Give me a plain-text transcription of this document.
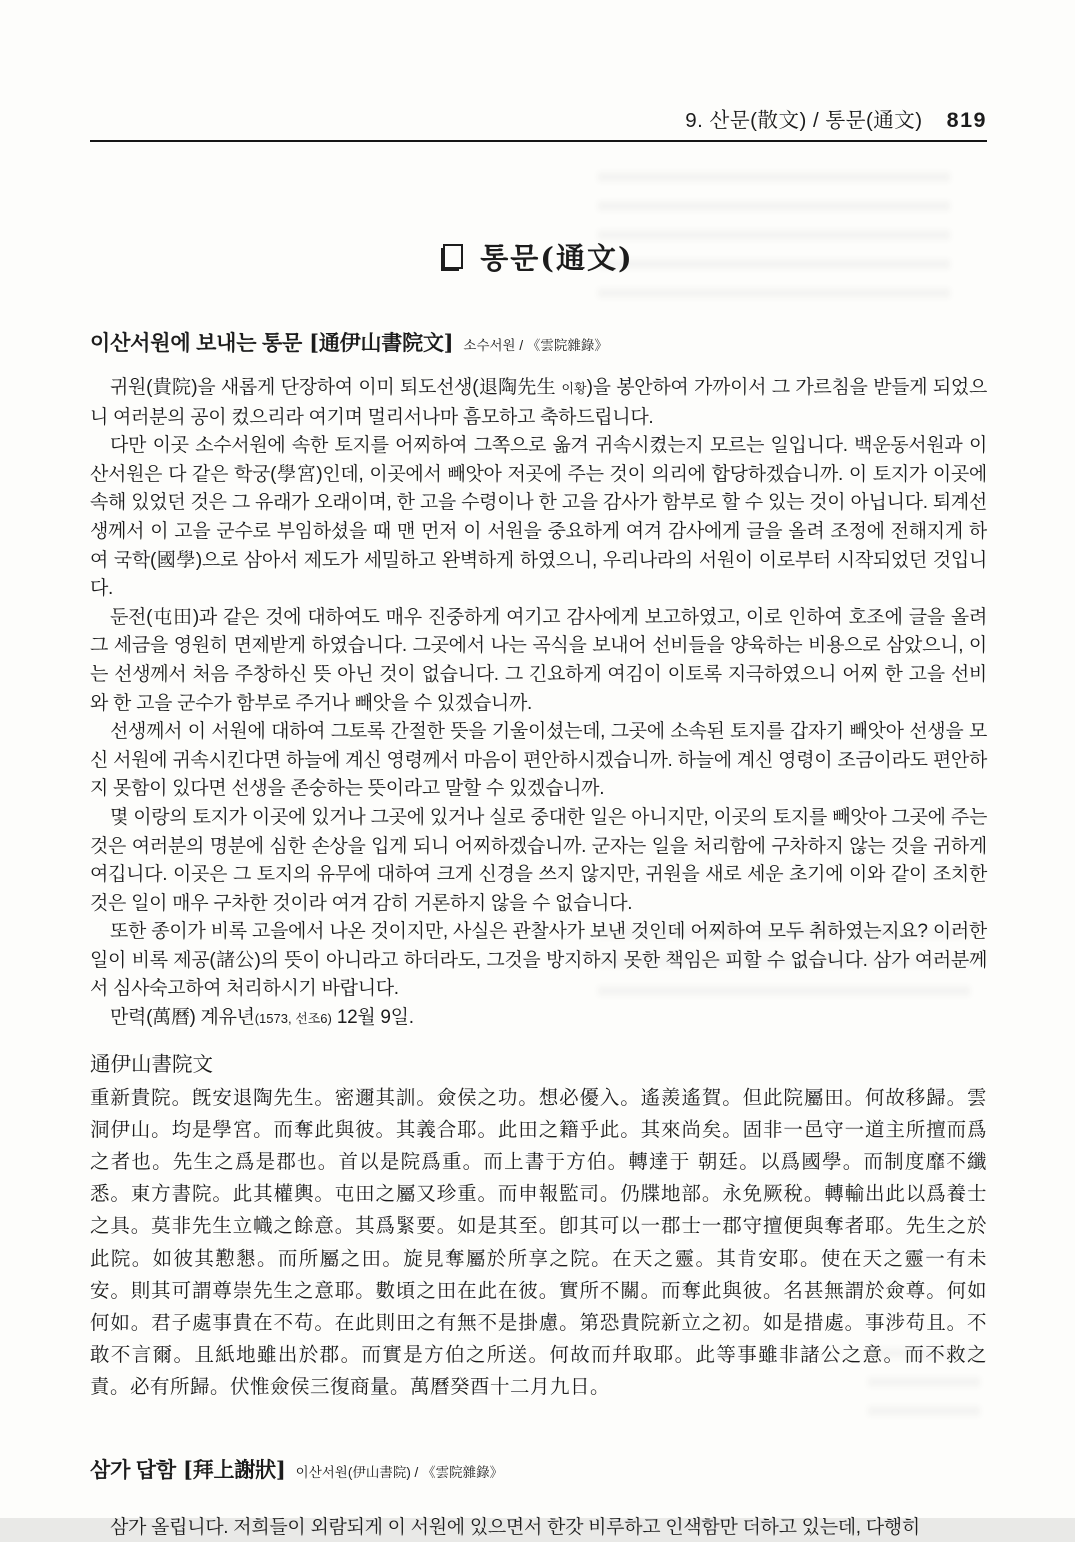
9. 산문(散文) / 통문(通文) 819
통문(通文)
이산서원에 보내는 통문 [通伊山書院文] 소수서원 / 《雲院雜錄》

귀원(貴院)을 새롭게 단장하여 이미 퇴도선생(退陶先生 이황)을 봉안하여 가까이서 그 가르침을 받들게 되었으니 여러분의 공이 컸으리라 여기며 멀리서나마 흠모하고 축하드립니다.

다만 이곳 소수서원에 속한 토지를 어찌하여 그쪽으로 옮겨 귀속시켰는지 모르는 일입니다. 백운동서원과 이산서원은 다 같은 학궁(學宮)인데, 이곳에서 빼앗아 저곳에 주는 것이 의리에 합당하겠습니까. 이 토지가 이곳에 속해 있었던 것은 그 유래가 오래이며, 한 고을 수령이나 한 고을 감사가 함부로 할 수 있는 것이 아닙니다. 퇴계선생께서 이 고을 군수로 부임하셨을 때 맨 먼저 이 서원을 중요하게 여겨 감사에게 글을 올려 조정에 전해지게 하여 국학(國學)으로 삼아서 제도가 세밀하고 완벽하게 하였으니, 우리나라의 서원이 이로부터 시작되었던 것입니다.

둔전(屯田)과 같은 것에 대하여도 매우 진중하게 여기고 감사에게 보고하였고, 이로 인하여 호조에 글을 올려 그 세금을 영원히 면제받게 하였습니다. 그곳에서 나는 곡식을 보내어 선비들을 양육하는 비용으로 삼았으니, 이는 선생께서 처음 주창하신 뜻 아닌 것이 없습니다. 그 긴요하게 여김이 이토록 지극하였으니 어찌 한 고을 선비와 한 고을 군수가 함부로 주거나 빼앗을 수 있겠습니까.

선생께서 이 서원에 대하여 그토록 간절한 뜻을 기울이셨는데, 그곳에 소속된 토지를 갑자기 빼앗아 선생을 모신 서원에 귀속시킨다면 하늘에 계신 영령께서 마음이 편안하시겠습니까. 하늘에 계신 영령이 조금이라도 편안하지 못함이 있다면 선생을 존숭하는 뜻이라고 말할 수 있겠습니까.

몇 이랑의 토지가 이곳에 있거나 그곳에 있거나 실로 중대한 일은 아니지만, 이곳의 토지를 빼앗아 그곳에 주는 것은 여러분의 명분에 심한 손상을 입게 되니 어찌하겠습니까. 군자는 일을 처리함에 구차하지 않는 것을 귀하게 여깁니다. 이곳은 그 토지의 유무에 대하여 크게 신경을 쓰지 않지만, 귀원을 새로 세운 초기에 이와 같이 조치한 것은 일이 매우 구차한 것이라 여겨 감히 거론하지 않을 수 없습니다.

또한 종이가 비록 고을에서 나온 것이지만, 사실은 관찰사가 보낸 것인데 어찌하여 모두 취하였는지요? 이러한 일이 비록 제공(諸公)의 뜻이 아니라고 하더라도, 그것을 방지하지 못한 책임은 피할 수 없습니다. 삼가 여러분께서 심사숙고하여 처리하시기 바랍니다.

만력(萬曆) 계유년(1573, 선조6) 12월 9일.

通伊山書院文
重新貴院。旣安退陶先生。密邇其訓。僉侯之功。想必優入。遙羨遙賀。但此院屬田。何故移歸。雲洞伊山。均是學宮。而奪此與彼。其義合耶。此田之籍乎此。其來尚矣。固非一邑守一道主所擅而爲之者也。先生之爲是郡也。首以是院爲重。而上書于方伯。轉達于 朝廷。以爲國學。而制度靡不纖悉。東方書院。此其權輿。屯田之屬又珍重。而申報監司。仍牒地部。永免厥稅。轉輸出此以爲養士之具。莫非先生立幟之餘意。其爲緊要。如是其至。卽其可以一郡士一郡守擅便與奪者耶。先生之於此院。如彼其懃懇。而所屬之田。旋見奪屬於所享之院。在天之靈。其肯安耶。使在天之靈一有未安。則其可謂尊崇先生之意耶。數頃之田在此在彼。實所不關。而奪此與彼。名甚無謂於僉尊。何如何如。君子處事貴在不苟。在此則田之有無不是掛慮。第恐貴院新立之初。如是措處。事涉苟且。不敢不言爾。且紙地雖出於郡。而實是方伯之所送。何故而幷取耶。此等事雖非諸公之意。而不救之責。必有所歸。伏惟僉侯三復商量。萬曆癸酉十二月九日。
삼가 답함 [拜上謝狀] 이산서원(伊山書院) / 《雲院雜錄》

삼가 올립니다. 저희들이 외람되게 이 서원에 있으면서 한갓 비루하고 인색함만 더하고 있는데, 다행히
